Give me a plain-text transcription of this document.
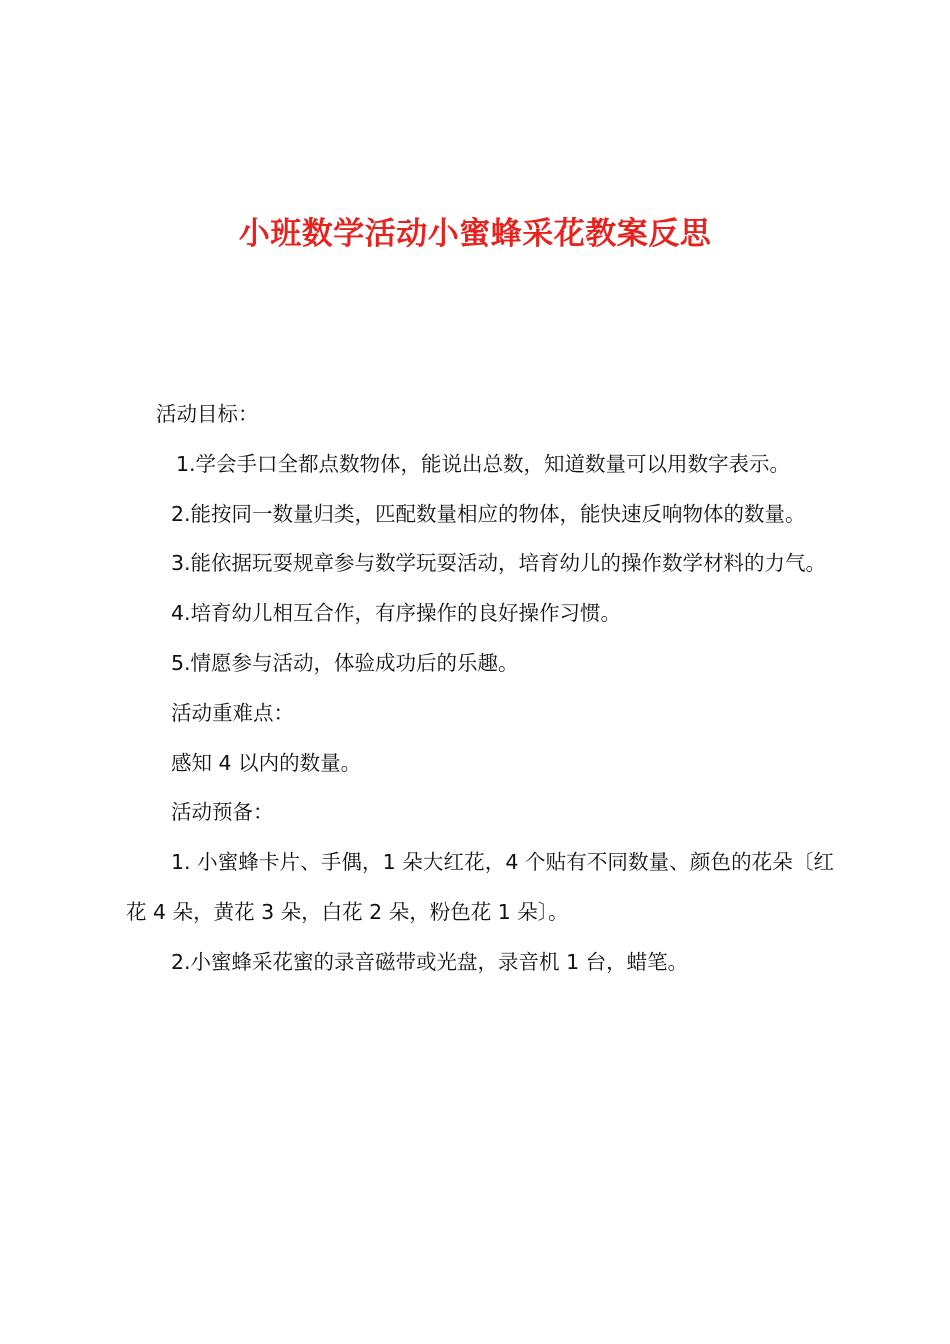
小班数学活动小蜜蜂采花教案反思

活动目标：

1.学会手口全都点数物体，能说出总数，知道数量可以用数字表示。

2.能按同一数量归类，匹配数量相应的物体，能快速反响物体的数量。

3.能依据玩耍规章参与数学玩耍活动，培育幼儿的操作数学材料的力气。

4.培育幼儿相互合作，有序操作的良好操作习惯。

5.情愿参与活动，体验成功后的乐趣。

活动重难点：

感知 4 以内的数量。

活动预备：

1. 小蜜蜂卡片、手偶，1 朵大红花，4 个贴有不同数量、颜色的花朵〔红花 4 朵，黄花 3 朵，白花 2 朵，粉色花 1 朵〕。

2.小蜜蜂采花蜜的录音磁带或光盘，录音机 1 台，蜡笔。
